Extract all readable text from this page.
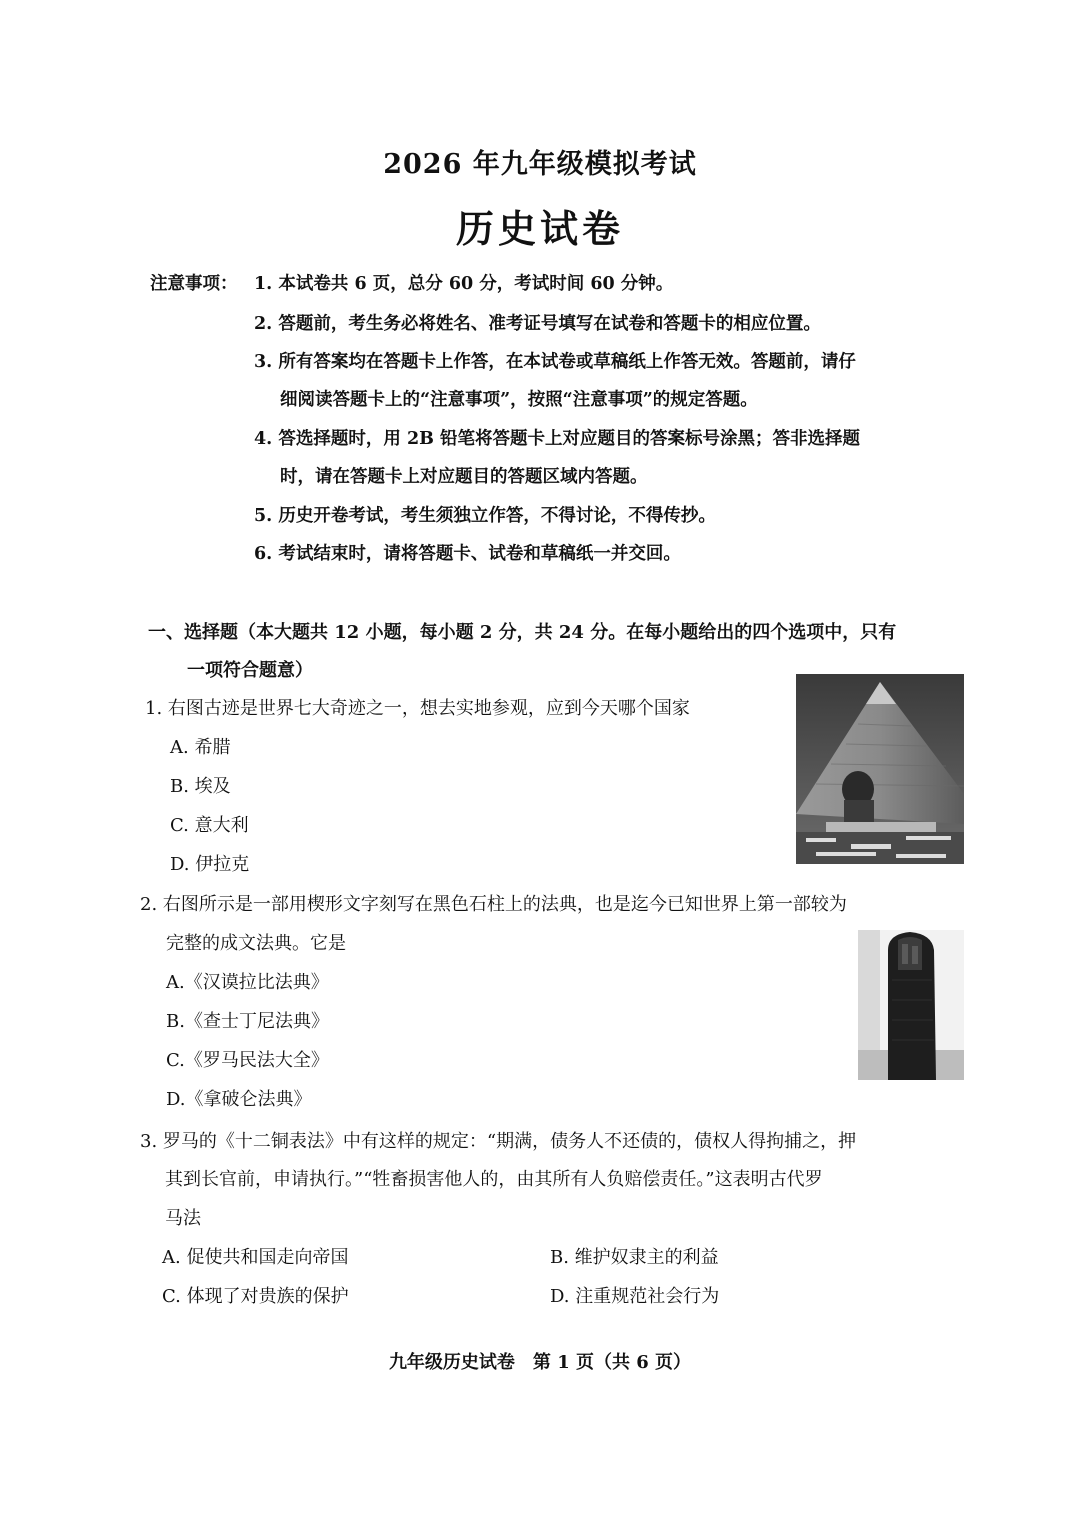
2026 年九年级模拟考试
历史试卷
注意事项： 1. 本试卷共 6 页，总分 60 分，考试时间 60 分钟。
2. 答题前，考生务必将姓名、准考证号填写在试卷和答题卡的相应位置。
3. 所有答案均在答题卡上作答，在本试卷或草稿纸上作答无效。答题前，请仔
细阅读答题卡上的“注意事项”，按照“注意事项”的规定答题。
4. 答选择题时，用 2B 铅笔将答题卡上对应题目的答案标号涂黑；答非选择题
时，请在答题卡上对应题目的答题区域内答题。
5. 历史开卷考试，考生须独立作答，不得讨论，不得传抄。
6. 考试结束时，请将答题卡、试卷和草稿纸一并交回。
一、选择题（本大题共 12 小题，每小题 2 分，共 24 分。在每小题给出的四个选项中，只有
一项符合题意）
1. 右图古迹是世界七大奇迹之一，想去实地参观，应到今天哪个国家
A. 希腊
B. 埃及
C. 意大利
D. 伊拉克
2. 右图所示是一部用楔形文字刻写在黑色石柱上的法典，也是迄今已知世界上第一部较为
完整的成文法典。它是
A.《汉谟拉比法典》
B.《查士丁尼法典》
C.《罗马民法大全》
D.《拿破仑法典》
3. 罗马的《十二铜表法》中有这样的规定：“期满，债务人不还债的，债权人得拘捕之，押
其到长官前，申请执行。”“牲畜损害他人的，由其所有人负赔偿责任。”这表明古代罗
马法
A. 促使共和国走向帝国	B. 维护奴隶主的利益
C. 体现了对贵族的保护	D. 注重规范社会行为
九年级历史试卷　第 1 页（共 6 页）
